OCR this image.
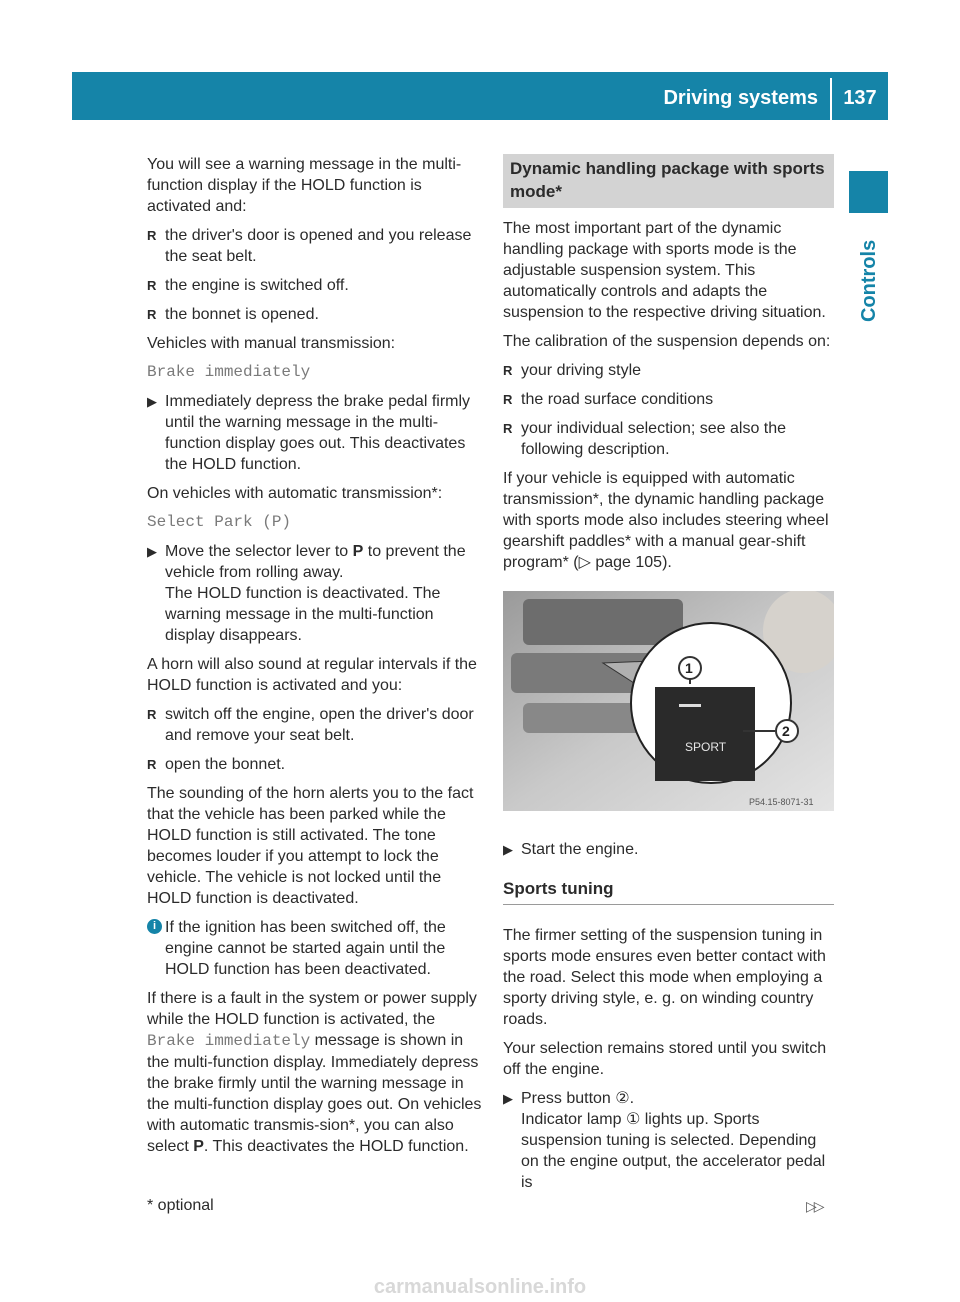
Driving systems	137
Controls

You will see a warning message in the multi-function display if the HOLD function is activated and:

R the driver's door is opened and you release the seat belt.
R the engine is switched off.
R the bonnet is opened.

Vehicles with manual transmission:

Brake immediately

▶ Immediately depress the brake pedal firmly until the warning message in the multi-function display goes out. This deactivates the HOLD function.

On vehicles with automatic transmission*:

Select Park (P)

▶ Move the selector lever to P to prevent the vehicle from rolling away.
The HOLD function is deactivated. The warning message in the multi-function display disappears.

A horn will also sound at regular intervals if the HOLD function is activated and you:

R switch off the engine, open the driver's door and remove your seat belt.
R open the bonnet.

The sounding of the horn alerts you to the fact that the vehicle has been parked while the HOLD function is still activated. The tone becomes louder if you attempt to lock the vehicle. The vehicle is not locked until the HOLD function is deactivated.

i If the ignition has been switched off, the engine cannot be started again until the HOLD function has been deactivated.

If there is a fault in the system or power supply while the HOLD function is activated, the Brake immediately message is shown in the multi-function display. Immediately depress the brake firmly until the warning message in the multi-function display goes out. On vehicles with automatic transmis-sion*, you can also select P. This deactivates the HOLD function.

Dynamic handling package with sports mode*

The most important part of the dynamic handling package with sports mode is the adjustable suspension system. This automatically controls and adapts the suspension to the respective driving situation.

The calibration of the suspension depends on:

R your driving style
R the road surface conditions
R your individual selection; see also the following description.

If your vehicle is equipped with automatic transmission*, the dynamic handling package with sports mode also includes steering wheel gearshift paddles* with a manual gear-shift program* (▷ page 105).

SPORT
1
2
P54.15-8071-31
▶ Start the engine.
Sports tuning

The firmer setting of the suspension tuning in sports mode ensures even better contact with the road. Select this mode when employing a sporty driving style, e. g. on winding country roads.

Your selection remains stored until you switch off the engine.

▶ Press button ②.
Indicator lamp ① lights up. Sports suspension tuning is selected. Depending on the engine output, the accelerator pedal is
* optional	▷▷
carmanualsonline.info
